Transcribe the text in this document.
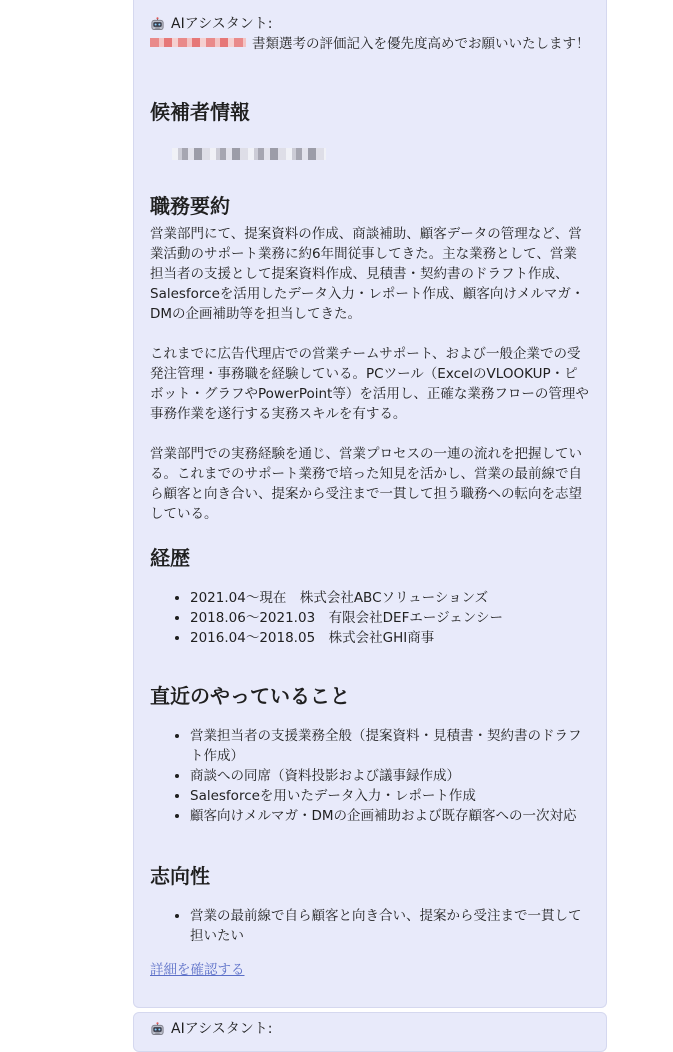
AIアシスタント:

書類選考の評価記入を優先度高めでお願いいたします！

候補者情報
職務要約

営業部門にて、提案資料の作成、商談補助、顧客データの管理など、営業活動のサポート業務に約6年間従事してきた。主な業務として、営業担当者の支援として提案資料作成、見積書・契約書のドラフト作成、Salesforceを活用したデータ入力・レポート作成、顧客向けメルマガ・DMの企画補助等を担当してきた。

これまでに広告代理店での営業チームサポート、および一般企業での受発注管理・事務職を経験している。PCツール（ExcelのVLOOKUP・ピボット・グラフやPowerPoint等）を活用し、正確な業務フローの管理や事務作業を遂行する実務スキルを有する。

営業部門での実務経験を通じ、営業プロセスの一連の流れを把握している。これまでのサポート業務で培った知見を活かし、営業の最前線で自ら顧客と向き合い、提案から受注まで一貫して担う職務への転向を志望している。

経歴
• 2021.04〜現在　株式会社ABCソリューションズ
• 2018.06〜2021.03　有限会社DEFエージェンシー
• 2016.04〜2018.05　株式会社GHI商事
直近のやっていること
• 営業担当者の支援業務全般（提案資料・見積書・契約書のドラフト作成）
• 商談への同席（資料投影および議事録作成）
• Salesforceを用いたデータ入力・レポート作成
• 顧客向けメルマガ・DMの企画補助および既存顧客への一次対応
志向性
• 営業の最前線で自ら顧客と向き合い、提案から受注まで一貫して担いたい
詳細を確認する
AIアシスタント:
